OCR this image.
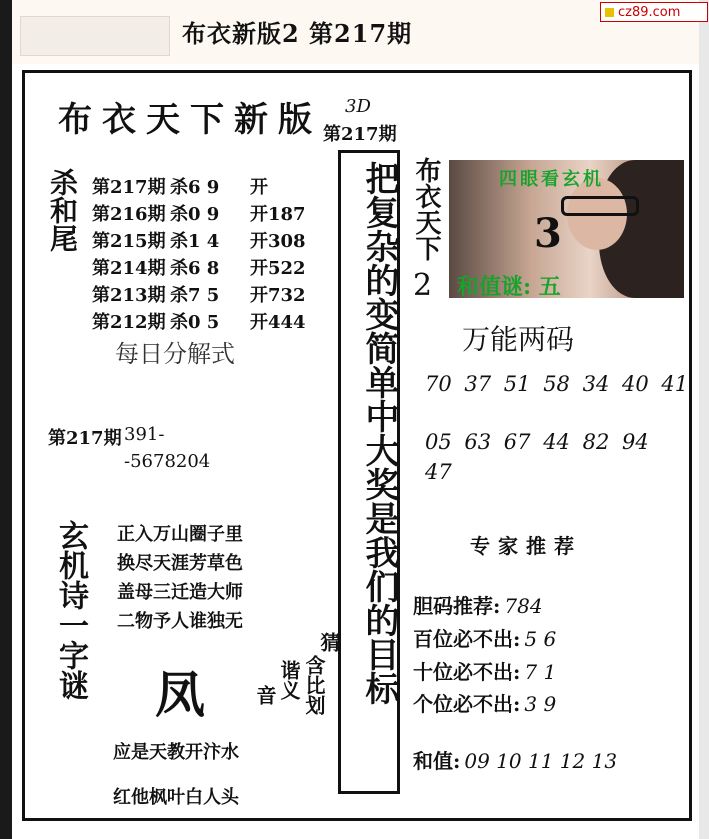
布衣新版2 第217期
cz89.com
布衣天下新版 3D
第217期
把复杂的变简单中大奖是我们的目标
杀和尾 第217期 杀6 9	开
第216期 杀0 9	开187
第215期 杀1 4	开308
第214期 杀6 8	开522
第213期 杀7 5	开732
第212期 杀0 5	开444
每日分解式
第217期 391-
-5678204
玄机诗一字谜 正入万山圈子里
换尽天涯芳草色
盖母三迁造大师
二物予人谁独无
凤
猜
含比划
谐义
音
应是天教开汴水
红他枫叶白人头
布衣天下
2
四眼看玄机
3
和值谜: 五
万能两码
70 37 51 58 34 40 41
05 63 67 44 82 94
47
专家推荐
胆码推荐: 784
百位必不出: 5 6
十位必不出: 7 1
个位必不出: 3 9
和值: 09 10 11 12 13
